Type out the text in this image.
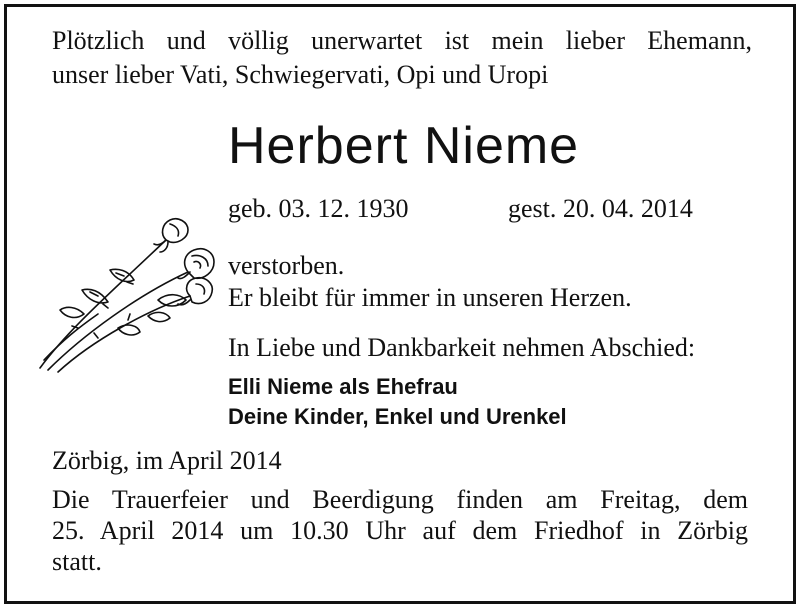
Plötzlich und völlig unerwartet ist mein lieber Ehemann,
unser lieber Vati, Schwiegervati, Opi und Uropi
Herbert Nieme
geb. 03. 12. 1930	gest. 20. 04. 2014
verstorben.
Er bleibt für immer in unseren Herzen.
In Liebe und Dankbarkeit nehmen Abschied:
Elli Nieme als Ehefrau
Deine Kinder, Enkel und Urenkel
Zörbig, im April 2014
Die Trauerfeier und Beerdigung finden am Freitag, dem
25. April 2014 um 10.30 Uhr auf dem Friedhof in Zörbig
statt.
